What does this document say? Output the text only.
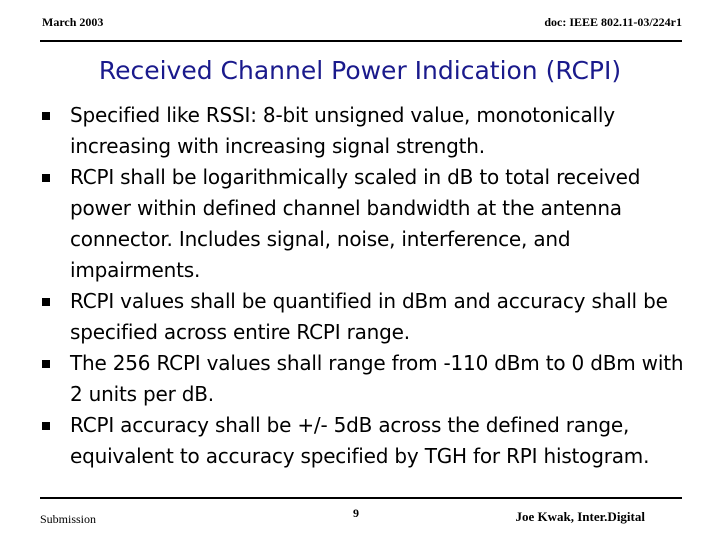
March 2003	doc: IEEE 802.11-03/224r1
Received Channel Power Indication (RCPI)
Specified like RSSI: 8-bit unsigned value, monotonically increasing with increasing signal strength.
RCPI shall be logarithmically scaled in dB to total received power within defined channel bandwidth at the antenna connector. Includes signal, noise, interference, and impairments.
RCPI values shall be quantified in dBm and accuracy shall be specified across entire RCPI range.
The 256 RCPI values shall range from -110 dBm to 0 dBm with 2 units per dB.
RCPI accuracy shall be +/- 5dB across the defined range, equivalent to accuracy specified by TGH for RPI histogram.
Submission	9	Joe Kwak, Inter.Digital
